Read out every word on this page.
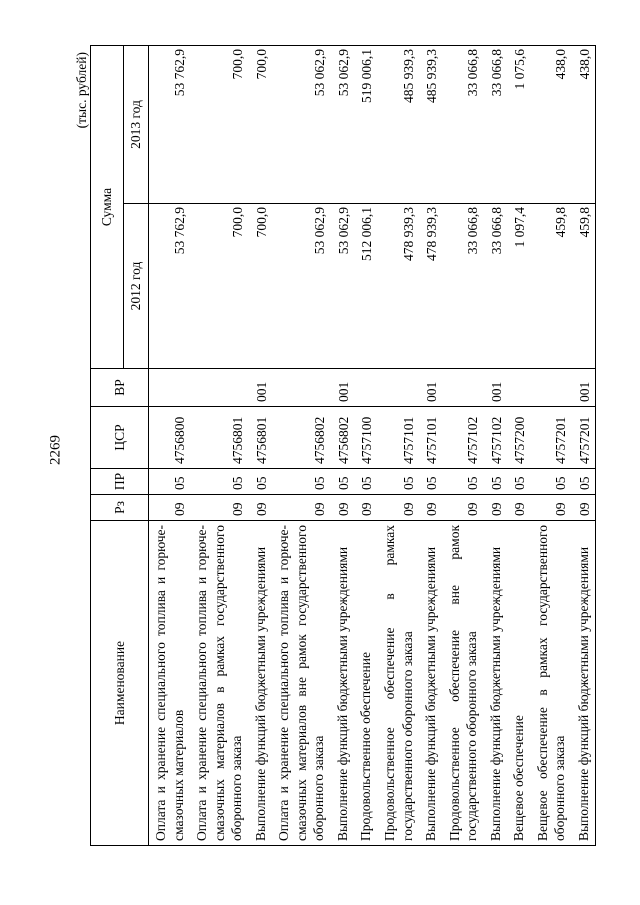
2269
(тыс. рублей)
Наименование	Рз	ПР	ЦСР	ВР	Сумма	
					2012 год	2013 год
Оплата и хранение специального топлива и горюче-смазочных материалов	09	05	4756800		53 762,9	53 762,9
Оплата и хранение специального топлива и горюче-смазочных материалов в рамках государственного оборонного заказа	09	05	4756801		700,0	700,0
Выполнение функций бюджетными учреждениями	09	05	4756801	001	700,0	700,0
Оплата и хранение специального топлива и горюче-смазочных материалов вне рамок государственного оборонного заказа	09	05	4756802		53 062,9	53 062,9
Выполнение функций бюджетными учреждениями	09	05	4756802	001	53 062,9	53 062,9
Продовольственное обеспечение	09	05	4757100		512 006,1	519 006,1
Продовольственное обеспечение в рамках государственного оборонного заказа	09	05	4757101		478 939,3	485 939,3
Выполнение функций бюджетными учреждениями	09	05	4757101	001	478 939,3	485 939,3
Продовольственное обеспечение вне рамок государственного оборонного заказа	09	05	4757102		33 066,8	33 066,8
Выполнение функций бюджетными учреждениями	09	05	4757102	001	33 066,8	33 066,8
Вещевое обеспечение	09	05	4757200		1 097,4	1 075,6
Вещевое обеспечение в рамках государственного оборонного заказа	09	05	4757201		459,8	438,0
Выполнение функций бюджетными учреждениями	09	05	4757201	001	459,8	438,0
